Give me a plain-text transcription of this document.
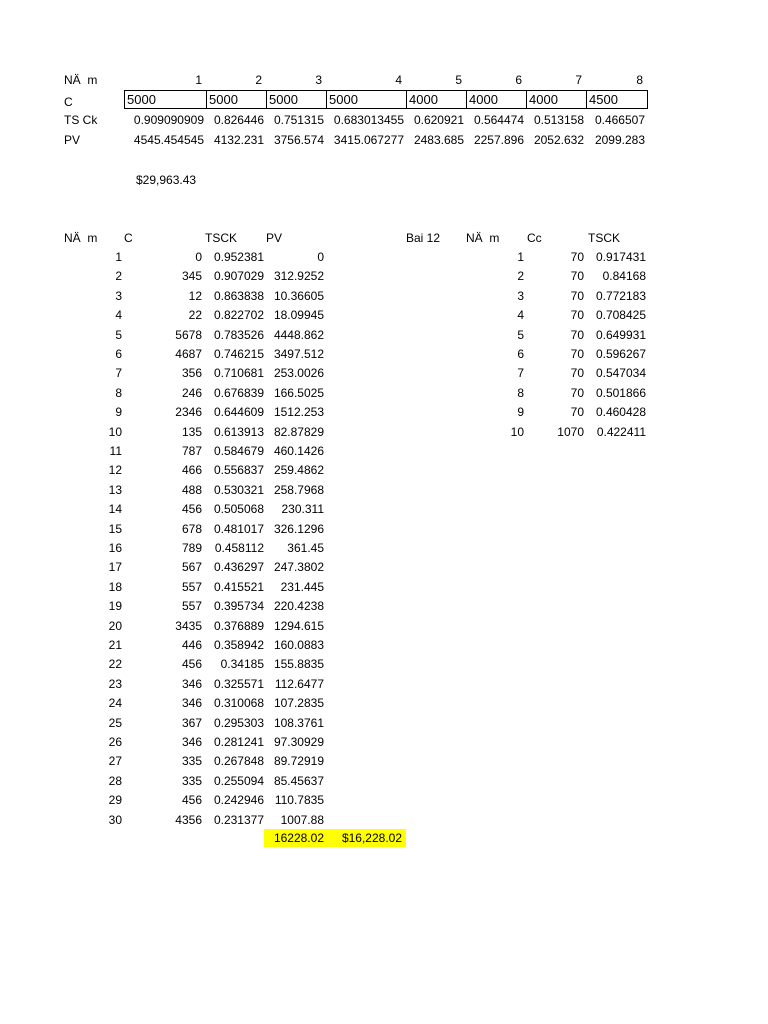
NÄ m	1	2	3	4	5	6	7	8
C	5000	5000	5000	5000	4000	4000	4000	4500
TS Ck	0.909090909 0.826446 0.751315 0.683013455 0.620921 0.564474 0.513158 0.466507
PV	4545.454545 4132.231 3756.574 3415.067277 2483.685 2257.896 2052.632 2099.283
$29,963.43
NÄ m C	TSCK PV
1	0 0.952381	0
2	345 0.907029 312.9252
3	12 0.863838 10.36605
4	22 0.822702 18.09945
5	5678 0.783526 4448.862
6	4687 0.746215 3497.512
7	356 0.710681 253.0026
8	246 0.676839 166.5025
9	2346 0.644609 1512.253
10	135 0.613913 82.87829
11	787 0.584679 460.1426
12	466 0.556837 259.4862
13	488 0.530321 258.7968
14	456 0.505068	230.311
15	678 0.481017 326.1296
16	789	0.458112	361.45
17	567 0.436297 247.3802
18	557 0.415521	231.445
19	557 0.395734 220.4238
20	3435 0.376889 1294.615
21	446 0.358942 160.0883
22	456	0.34185 155.8835
23	346 0.325571 112.6477
24	346 0.310068 107.2835
25	367 0.295303 108.3761
26	346 0.281241 97.30929
27	335 0.267848 89.72919
28	335 0.255094 85.45637
29	456 0.242946 110.7835
30	4356 0.231377	1007.88
16228.02	$16,228.02
Bai 12 NÄ m Cc	TSCK
1	70 0.917431
2	70	0.84168
3	70 0.772183
4	70 0.708425
5	70 0.649931
6	70 0.596267
7	70 0.547034
8	70 0.501866
9	70 0.460428
10	1070	0.422411
